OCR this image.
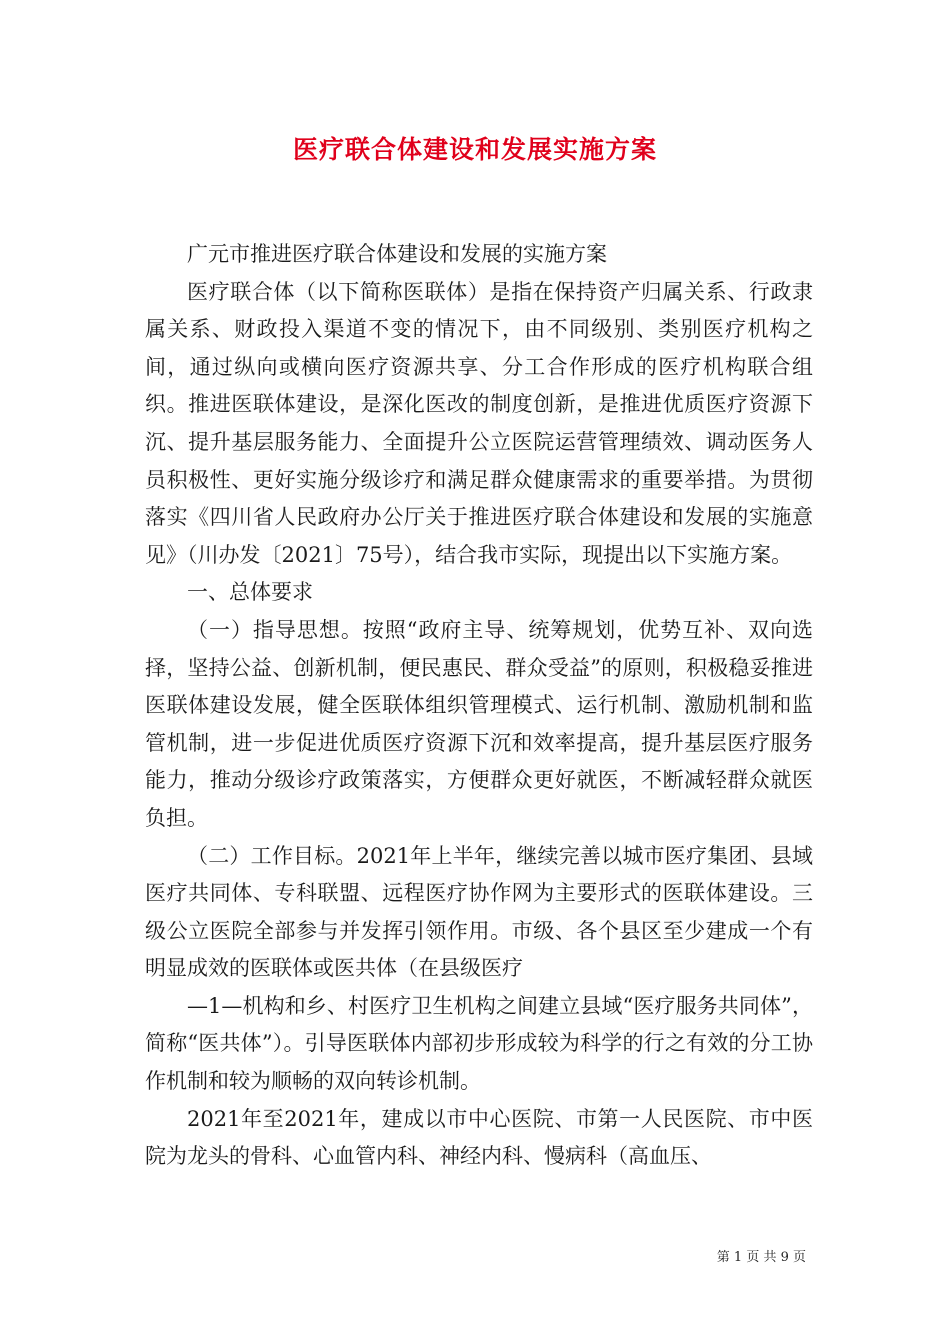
医疗联合体建设和发展实施方案

广元市推进医疗联合体建设和发展的实施方案

医疗联合体（以下简称医联体）是指在保持资产归属关系、行政隶属关系、财政投入渠道不变的情况下，由不同级别、类别医疗机构之间，通过纵向或横向医疗资源共享、分工合作形成的医疗机构联合组织。推进医联体建设，是深化医改的制度创新，是推进优质医疗资源下沉、提升基层服务能力、全面提升公立医院运营管理绩效、调动医务人员积极性、更好实施分级诊疗和满足群众健康需求的重要举措。为贯彻落实《四川省人民政府办公厅关于推进医疗联合体建设和发展的实施意见》（川办发〔2021〕75号），结合我市实际，现提出以下实施方案。

一、总体要求

（一）指导思想。按照“政府主导、统筹规划，优势互补、双向选择，坚持公益、创新机制，便民惠民、群众受益”的原则，积极稳妥推进医联体建设发展，健全医联体组织管理模式、运行机制、激励机制和监管机制，进一步促进优质医疗资源下沉和效率提高，提升基层医疗服务能力，推动分级诊疗政策落实，方便群众更好就医，不断减轻群众就医负担。

（二）工作目标。2021年上半年，继续完善以城市医疗集团、县域医疗共同体、专科联盟、远程医疗协作网为主要形式的医联体建设。三级公立医院全部参与并发挥引领作用。市级、各个县区至少建成一个有明显成效的医联体或医共体（在县级医疗

—1—机构和乡、村医疗卫生机构之间建立县域“医疗服务共同体”，简称“医共体”）。引导医联体内部初步形成较为科学的行之有效的分工协作机制和较为顺畅的双向转诊机制。

2021年至2021年，建成以市中心医院、市第一人民医院、市中医院为龙头的骨科、心血管内科、神经内科、慢病科（高血压、

第 1 页 共 9 页
